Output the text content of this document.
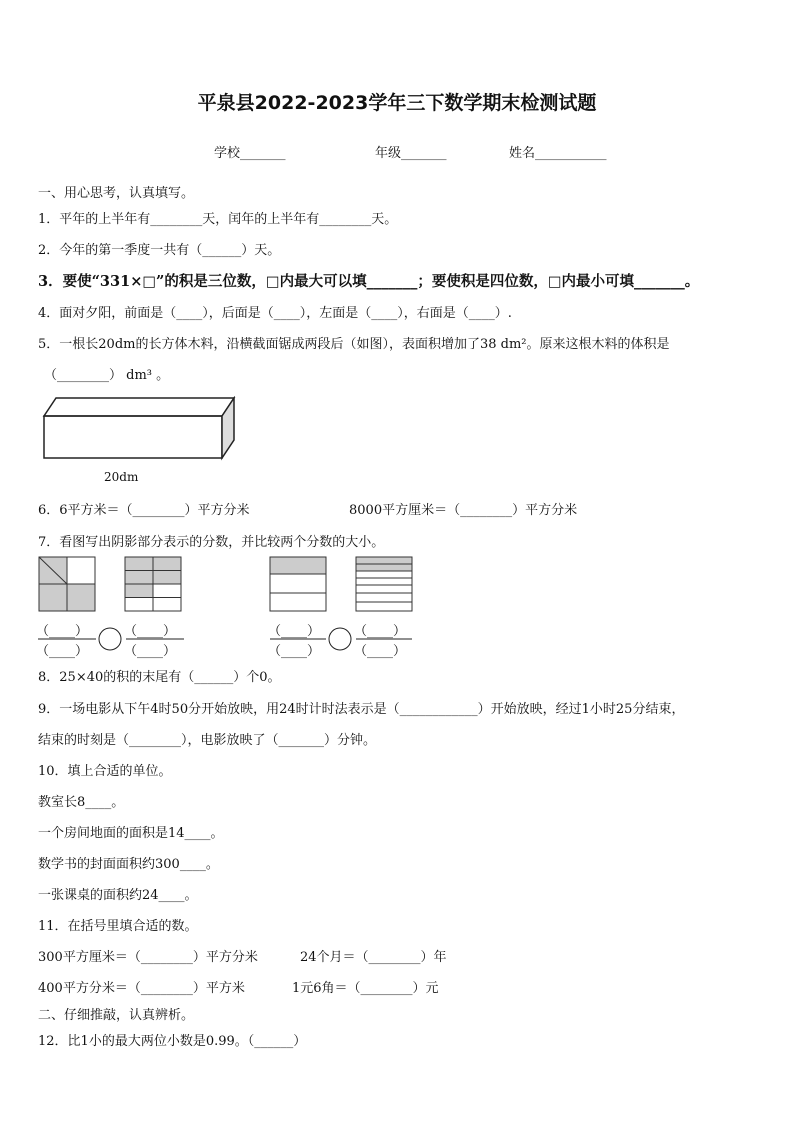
平泉县2022-2023学年三下数学期末检测试题
学校_______	年级_______	姓名___________
一、用心思考，认真填写。
1．平年的上半年有________天，闰年的上半年有________天。
2．今年的第一季度一共有（______）天。
3．要使“331×□”的积是三位数，□内最大可以填_______；要使积是四位数，□内最小可填_______。
4．面对夕阳，前面是（____），后面是（____），左面是（____），右面是（____）.
5．一根长20dm的长方体木料，沿横截面锯成两段后（如图），表面积增加了38 dm²。原来这根木料的体积是
（________） dm³ 。
20dm
6．6平方米＝（________）平方分米	8000平方厘米＝（________）平方分米
7．看图写出阴影部分表示的分数，并比较两个分数的大小。
（____）
（____）
（____）
（____）
（____）
（____）
（____）
（____）
8．25×40的积的末尾有（______）个0。
9．一场电影从下午4时50分开始放映，用24时计时法表示是（____________）开始放映，经过1小时25分结束，
结束的时刻是（________），电影放映了（_______）分钟。
10．填上合适的单位。
教室长8____。
一个房间地面的面积是14____。
数学书的封面面积约300____。
一张课桌的面积约24____。
11．在括号里填合适的数。
300平方厘米＝（________）平方分米	24个月＝（________）年
400平方分米＝（________）平方米	1元6角＝（________）元
二、仔细推敲，认真辨析。
12．比1小的最大两位小数是0.99。（______）
